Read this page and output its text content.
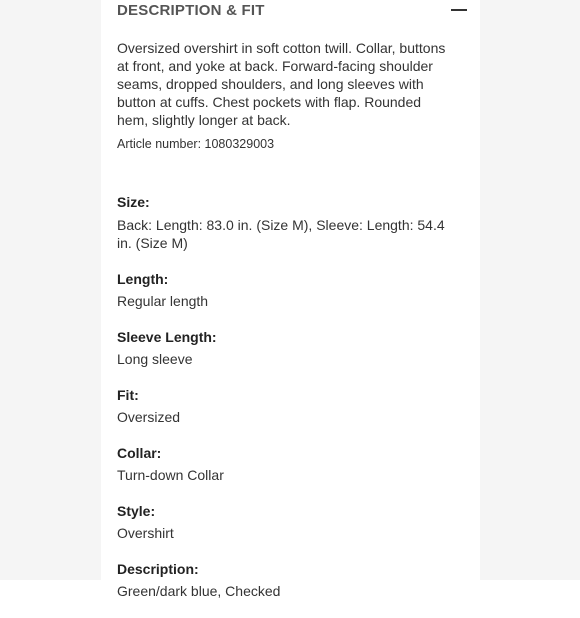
DESCRIPTION & FIT
Oversized overshirt in soft cotton twill. Collar, buttons at front, and yoke at back. Forward-facing shoulder seams, dropped shoulders, and long sleeves with button at cuffs. Chest pockets with flap. Rounded hem, slightly longer at back.
Article number: 1080329003
Size:
Back: Length: 83.0 in. (Size M), Sleeve: Length: 54.4 in. (Size M)
Length:
Regular length
Sleeve Length:
Long sleeve
Fit:
Oversized
Collar:
Turn-down Collar
Style:
Overshirt
Description:
Green/dark blue, Checked
